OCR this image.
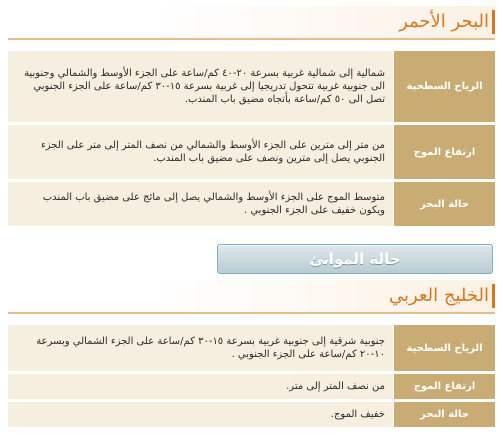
البحر الأحمر
الرياح السطحية	شمالية إلى شمالية غربية بسرعة ٢٠-٤٠ كم/ساعة على الجزء الأوسط والشمالي وجنوبية الى جنوبية غربية تتحول تدريجيا إلى غربية بسرعة ١٥-٣٠ كم/ساعة على الجزء الجنوبي تصل الى ٥٠ كم/ساعة بأتجاه مضيق باب المندب.
ارتفاع الموج	من متر إلى مترين على الجزء الأوسط والشمالي من نصف المتر إلى متر على الجزء الجنوبي يصل إلى مترين ونصف على مضيق باب المندب.
حالة البحر	متوسط الموج على الجزء الأوسط والشمالي يصل إلى مائج على مضيق باب المندب ويكون خفيف على الجزء الجنوبي .
حالة الموانئ
الخليج العربي
الرياح السطحية	جنوبية شرقية إلى جنوبية غربية بسرعة ١٥-٣٠ كم/ساعة على الجزء الشمالي وبسرعة ١٠-٢٠ كم/ساعة على الجزء الجنوبي .
ارتفاع الموج	من نصف المتر إلى متر.
حالة البحر	خفيف الموج.
